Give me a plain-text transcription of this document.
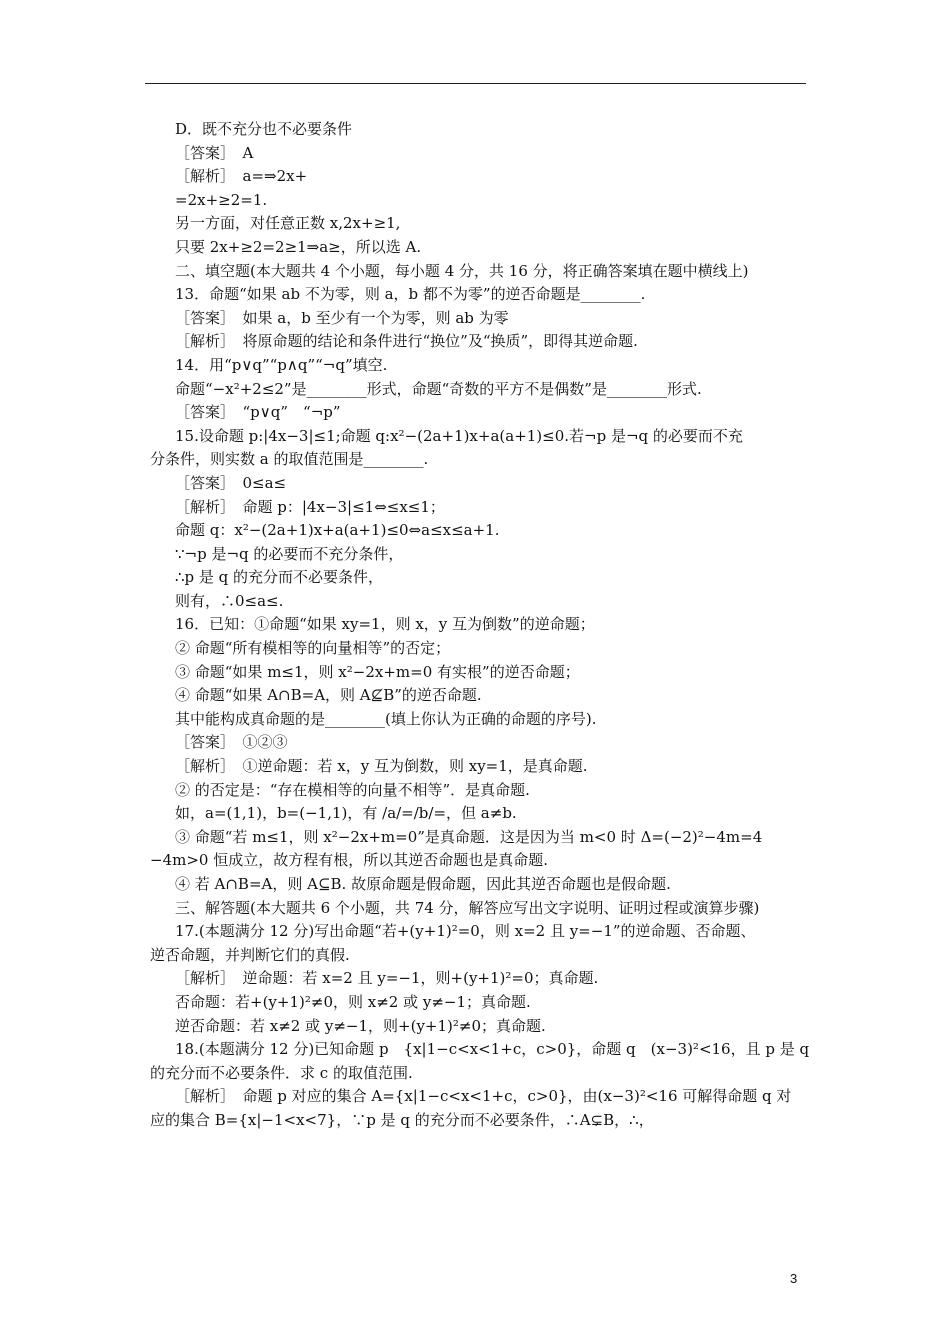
D．既不充分也不必要条件
［答案］　A
［解析］　a=⇒2x+
=2x+≥2=1.
另一方面，对任意正数 x,2x+≥1,
只要 2x+≥2=2≥1⇒a≥，所以选 A.
二、填空题(本大题共 4 个小题，每小题 4 分，共 16 分，将正确答案填在题中横线上)
13．命题“如果 ab 不为零，则 a，b 都不为零”的逆否命题是________.
［答案］　如果 a，b 至少有一个为零，则 ab 为零
［解析］　将原命题的结论和条件进行“换位”及“换质”，即得其逆命题.
14．用“p∨q”“p∧q”“¬q”填空.
命题“−x²+2≤2”是________形式，命题“奇数的平方不是偶数”是________形式.
［答案］　“p∨q”　“¬p”
15.设命题 p:|4x−3|≤1;命题 q:x²−(2a+1)x+a(a+1)≤0.若¬p 是¬q 的必要而不充
分条件，则实数 a 的取值范围是________.
［答案］　0≤a≤
［解析］　命题 p：|4x−3|≤1⇔≤x≤1；
命题 q：x²−(2a+1)x+a(a+1)≤0⇔a≤x≤a+1.
∵¬p 是¬q 的必要而不充分条件，
∴p 是 q 的充分而不必要条件，
则有，∴0≤a≤.
16．已知：①命题“如果 xy=1，则 x，y 互为倒数”的逆命题；
② 命题“所有模相等的向量相等”的否定；
③ 命题“如果 m≤1，则 x²−2x+m=0 有实根”的逆否命题；
④ 命题“如果 A∩B=A，则 A⊈B”的逆否命题.
其中能构成真命题的是________(填上你认为正确的命题的序号).
［答案］　①②③
［解析］　①逆命题：若 x，y 互为倒数，则 xy=1，是真命题.
② 的否定是：“存在模相等的向量不相等”．是真命题.
如，a=(1,1)，b=(−1,1)，有 /a/=/b/=，但 a≠b.
③ 命题“若 m≤1，则 x²−2x+m=0”是真命题．这是因为当 m<0 时 Δ=(−2)²−4m=4
−4m>0 恒成立，故方程有根，所以其逆否命题也是真命题.
④ 若 A∩B=A，则 A⊆B. 故原命题是假命题，因此其逆否命题也是假命题.
三、解答题(本大题共 6 个小题，共 74 分，解答应写出文字说明、证明过程或演算步骤)
17.(本题满分 12 分)写出命题“若+(y+1)²=0，则 x=2 且 y=−1”的逆命题、否命题、
逆否命题，并判断它们的真假.
［解析］　逆命题：若 x=2 且 y=−1，则+(y+1)²=0；真命题.
否命题：若+(y+1)²≠0，则 x≠2 或 y≠−1；真命题.
逆否命题：若 x≠2 或 y≠−1，则+(y+1)²≠0；真命题.
18.(本题满分 12 分)已知命题 p　{x|1−c<x<1+c，c>0}，命题 q　(x−3)²<16，且 p 是 q
的充分而不必要条件．求 c 的取值范围.
［解析］　命题 p 对应的集合 A={x|1−c<x<1+c，c>0}，由(x−3)²<16 可解得命题 q 对
应的集合 B={x|−1<x<7}，∵p 是 q 的充分而不必要条件，∴A⊊B，∴，
3
